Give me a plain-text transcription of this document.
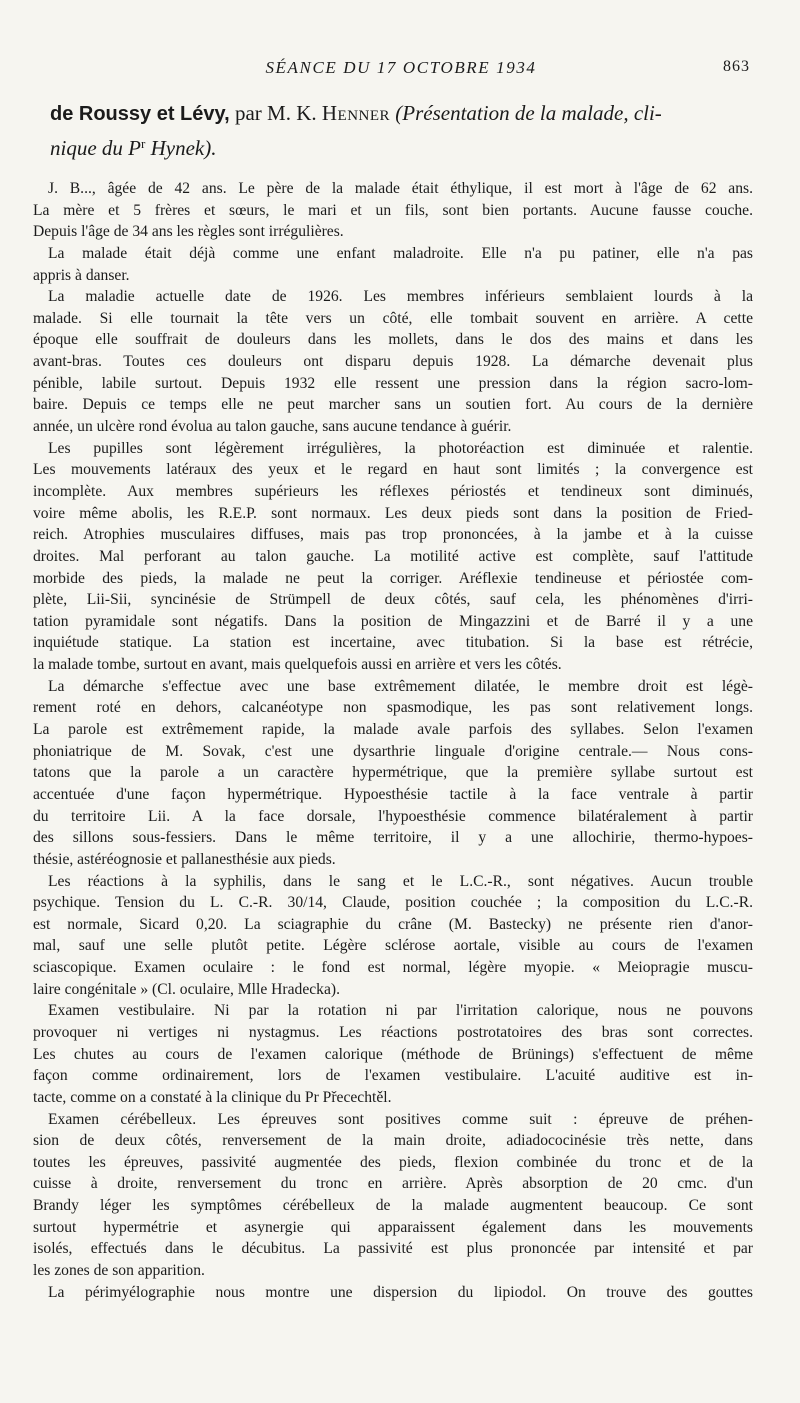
SÉANCE DU 17 OCTOBRE 1934	863
de Roussy et Lévy, par M. K. Henner (Présentation de la malade, cli-
nique du $P^r$ Hynek).
J. B..., âgée de 42 ans. Le père de la malade était éthylique, il est mort à l'âge de 62 ans.
La mère et 5 frères et sœurs, le mari et un fils, sont bien portants. Aucune fausse couche.
Depuis l'âge de 34 ans les règles sont irrégulières.
La malade était déjà comme une enfant maladroite. Elle n'a pu patiner, elle n'a pas
appris à danser.
La maladie actuelle date de 1926. Les membres inférieurs semblaient lourds à la
malade. Si elle tournait la tête vers un côté, elle tombait souvent en arrière. A cette
époque elle souffrait de douleurs dans les mollets, dans le dos des mains et dans les
avant-bras. Toutes ces douleurs ont disparu depuis 1928. La démarche devenait plus
pénible, labile surtout. Depuis 1932 elle ressent une pression dans la région sacro-lom-
baire. Depuis ce temps elle ne peut marcher sans un soutien fort. Au cours de la dernière
année, un ulcère rond évolua au talon gauche, sans aucune tendance à guérir.
Les pupilles sont légèrement irrégulières, la photoréaction est diminuée et ralentie.
Les mouvements latéraux des yeux et le regard en haut sont limités ; la convergence est
incomplète. Aux membres supérieurs les réflexes périostés et tendineux sont diminués,
voire même abolis, les R.E.P. sont normaux. Les deux pieds sont dans la position de Fried-
reich. Atrophies musculaires diffuses, mais pas trop prononcées, à la jambe et à la cuisse
droites. Mal perforant au talon gauche. La motilité active est complète, sauf l'attitude
morbide des pieds, la malade ne peut la corriger. Aréflexie tendineuse et périostée com-
plète, Lii-Sii, syncinésie de Strümpell de deux côtés, sauf cela, les phénomènes d'irri-
tation pyramidale sont négatifs. Dans la position de Mingazzini et de Barré il y a une
inquiétude statique. La station est incertaine, avec titubation. Si la base est rétrécie,
la malade tombe, surtout en avant, mais quelquefois aussi en arrière et vers les côtés.
La démarche s'effectue avec une base extrêmement dilatée, le membre droit est légè-
rement roté en dehors, calcanéotype non spasmodique, les pas sont relativement longs.
La parole est extrêmement rapide, la malade avale parfois des syllabes. Selon l'examen
phoniatrique de M. Sovak, c'est une dysarthrie linguale d'origine centrale.— Nous cons-
tatons que la parole a un caractère hypermétrique, que la première syllabe surtout est
accentuée d'une façon hypermétrique. Hypoesthésie tactile à la face ventrale à partir
du territoire Lii. A la face dorsale, l'hypoesthésie commence bilatéralement à partir
des sillons sous-fessiers. Dans le même territoire, il y a une allochirie, thermo-hypoes-
thésie, astéréognosie et pallanesthésie aux pieds.
Les réactions à la syphilis, dans le sang et le L.C.-R., sont négatives. Aucun trouble
psychique. Tension du L. C.-R. 30/14, Claude, position couchée ; la composition du L.C.-R.
est normale, Sicard 0,20. La sciagraphie du crâne (M. Bastecky) ne présente rien d'anor-
mal, sauf une selle plutôt petite. Légère sclérose aortale, visible au cours de l'examen
sciascopique. Examen oculaire : le fond est normal, légère myopie. « Meiopragie muscu-
laire congénitale » (Cl. oculaire, Mlle Hradecka).
Examen vestibulaire. Ni par la rotation ni par l'irritation calorique, nous ne pouvons
provoquer ni vertiges ni nystagmus. Les réactions postrotatoires des bras sont correctes.
Les chutes au cours de l'examen calorique (méthode de Brünings) s'effectuent de même
façon comme ordinairement, lors de l'examen vestibulaire. L'acuité auditive est in-
tacte, comme on a constaté à la clinique du Pr Přecechtěl.
Examen cérébelleux. Les épreuves sont positives comme suit : épreuve de préhen-
sion de deux côtés, renversement de la main droite, adiadococinésie très nette, dans
toutes les épreuves, passivité augmentée des pieds, flexion combinée du tronc et de la
cuisse à droite, renversement du tronc en arrière. Après absorption de 20 cmc. d'un
Brandy léger les symptômes cérébelleux de la malade augmentent beaucoup. Ce sont
surtout hypermétrie et asynergie qui apparaissent également dans les mouvements
isolés, effectués dans le décubitus. La passivité est plus prononcée par intensité et par
les zones de son apparition.
La périmyélographie nous montre une dispersion du lipiodol. On trouve des gouttes
